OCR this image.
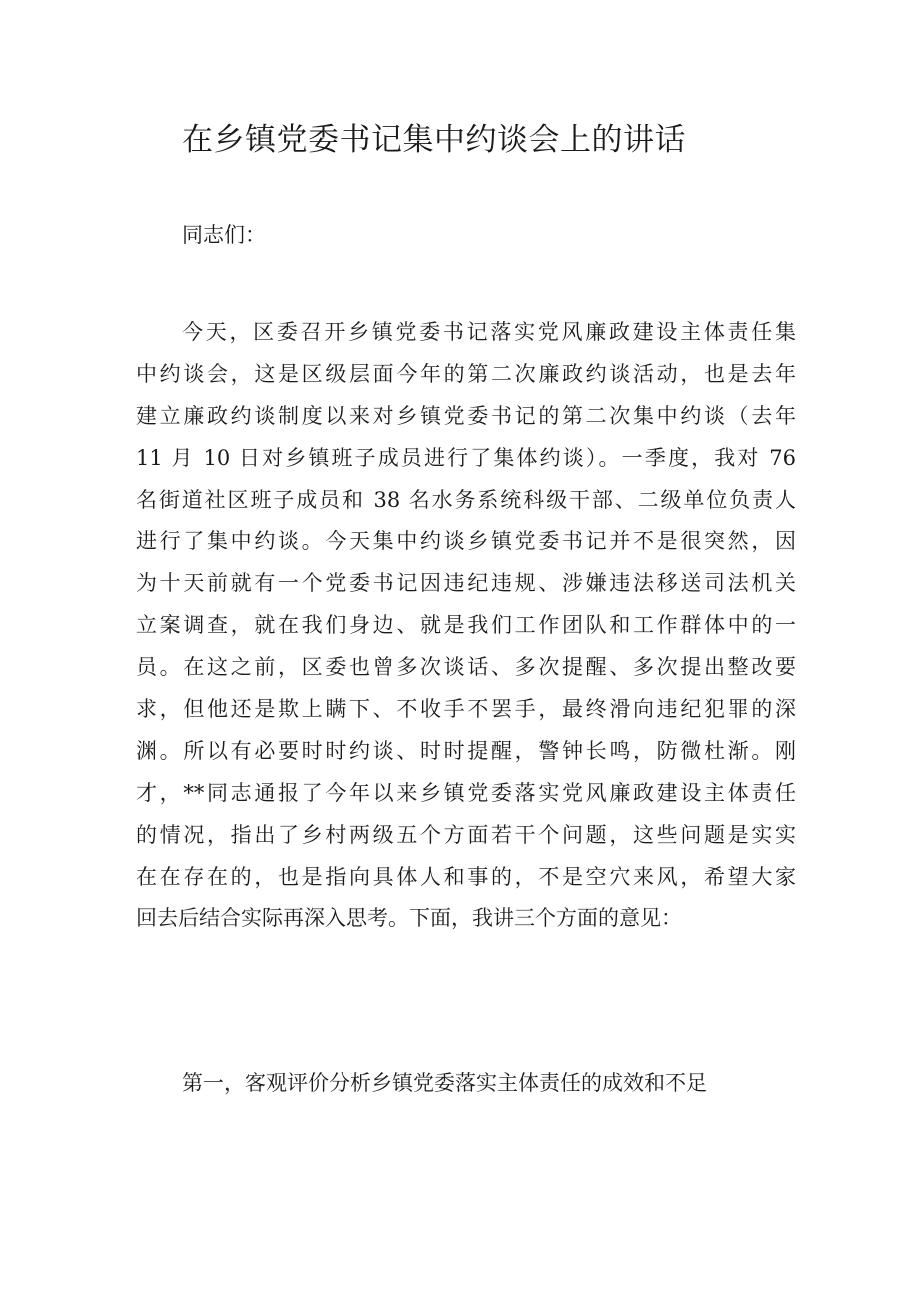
在乡镇党委书记集中约谈会上的讲话
同志们：
今天，区委召开乡镇党委书记落实党风廉政建设主体责任集
中约谈会，这是区级层面今年的第二次廉政约谈活动，也是去年
建立廉政约谈制度以来对乡镇党委书记的第二次集中约谈（去年
11 月 10 日对乡镇班子成员进行了集体约谈）。一季度，我对 76
名街道社区班子成员和 38 名水务系统科级干部、二级单位负责人
进行了集中约谈。今天集中约谈乡镇党委书记并不是很突然，因
为十天前就有一个党委书记因违纪违规、涉嫌违法移送司法机关
立案调查，就在我们身边、就是我们工作团队和工作群体中的一
员。在这之前，区委也曾多次谈话、多次提醒、多次提出整改要
求，但他还是欺上瞒下、不收手不罢手，最终滑向违纪犯罪的深
渊。所以有必要时时约谈、时时提醒，警钟长鸣，防微杜渐。刚
才，**同志通报了今年以来乡镇党委落实党风廉政建设主体责任
的情况，指出了乡村两级五个方面若干个问题，这些问题是实实
在在存在的，也是指向具体人和事的，不是空穴来风，希望大家
回去后结合实际再深入思考。下面，我讲三个方面的意见：
第一，客观评价分析乡镇党委落实主体责任的成效和不足
